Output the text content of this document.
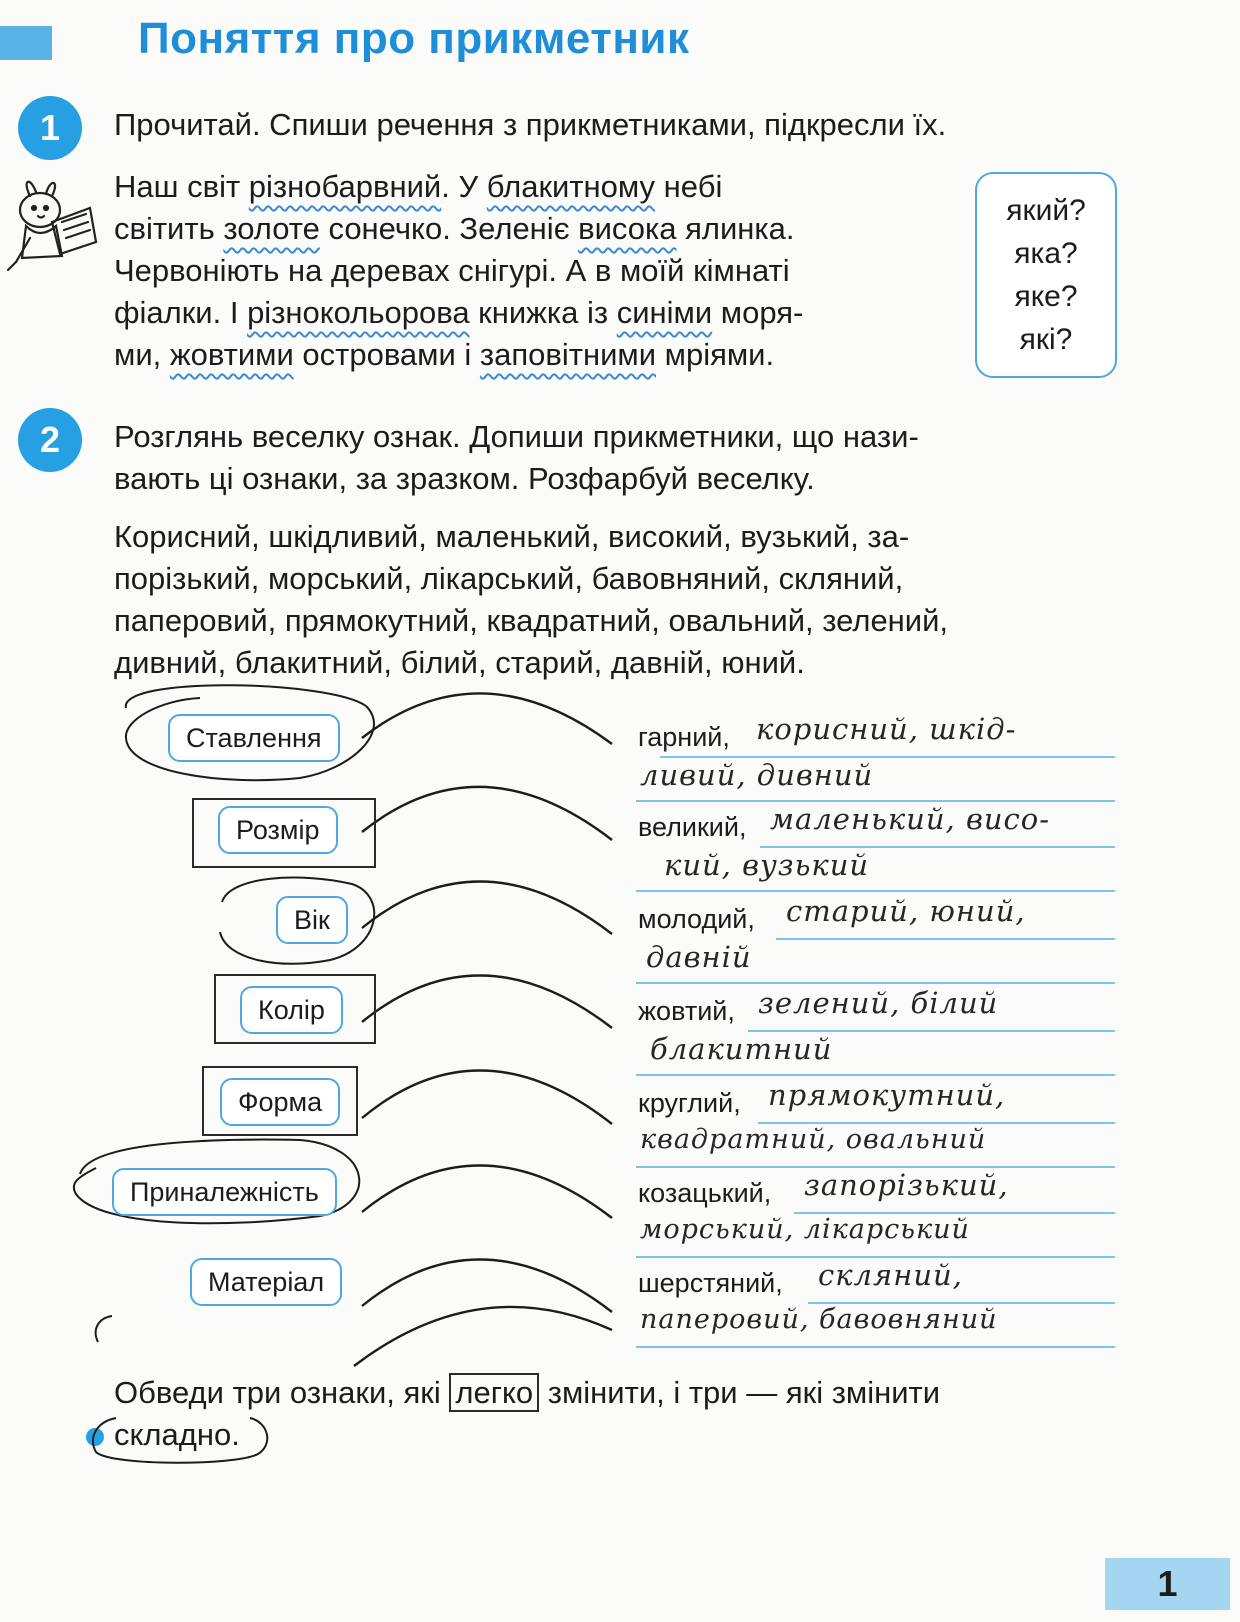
Поняття про прикметник
1	Прочитай. Спиши речення з прикметниками, підкресли їх.
Наш світ різнобарвний. У блакитному небі
світить золоте сонечко. Зеленіє висока ялинка.
Червоніють на деревах снігурі. А в моїй кімнаті
фіалки. І різнокольорова книжка із синіми моря-
ми, жовтими островами і заповітними мріями.
який?
яка?
яке?
які?
2	Розглянь веселку ознак. Допиши прикметники, що нази-
вають ці ознаки, за зразком. Розфарбуй веселку.
Корисний, шкідливий, маленький, високий, вузький, за-
порізький, морський, лікарський, бавовняний, скляний,
паперовий, прямокутний, квадратний, овальний, зелений,
дивний, блакитний, білий, старий, давній, юний.
Ставлення
Розмір
Вік
Колір
Форма
Приналежність
Матеріал
гарний, корисний, шкід-
ливий, дивний
великий, маленький, висо-
кий, вузький
молодий, старий, юний,
давній
жовтий, зелений, білий
блакитний
круглий, прямокутний,
квадратний, овальний
козацький, запорізький,
морський, лікарський
шерстяний, скляний,
паперовий, бавовняний
Обведи три ознаки, які легко змінити, і три — які змінити
складно.
1
